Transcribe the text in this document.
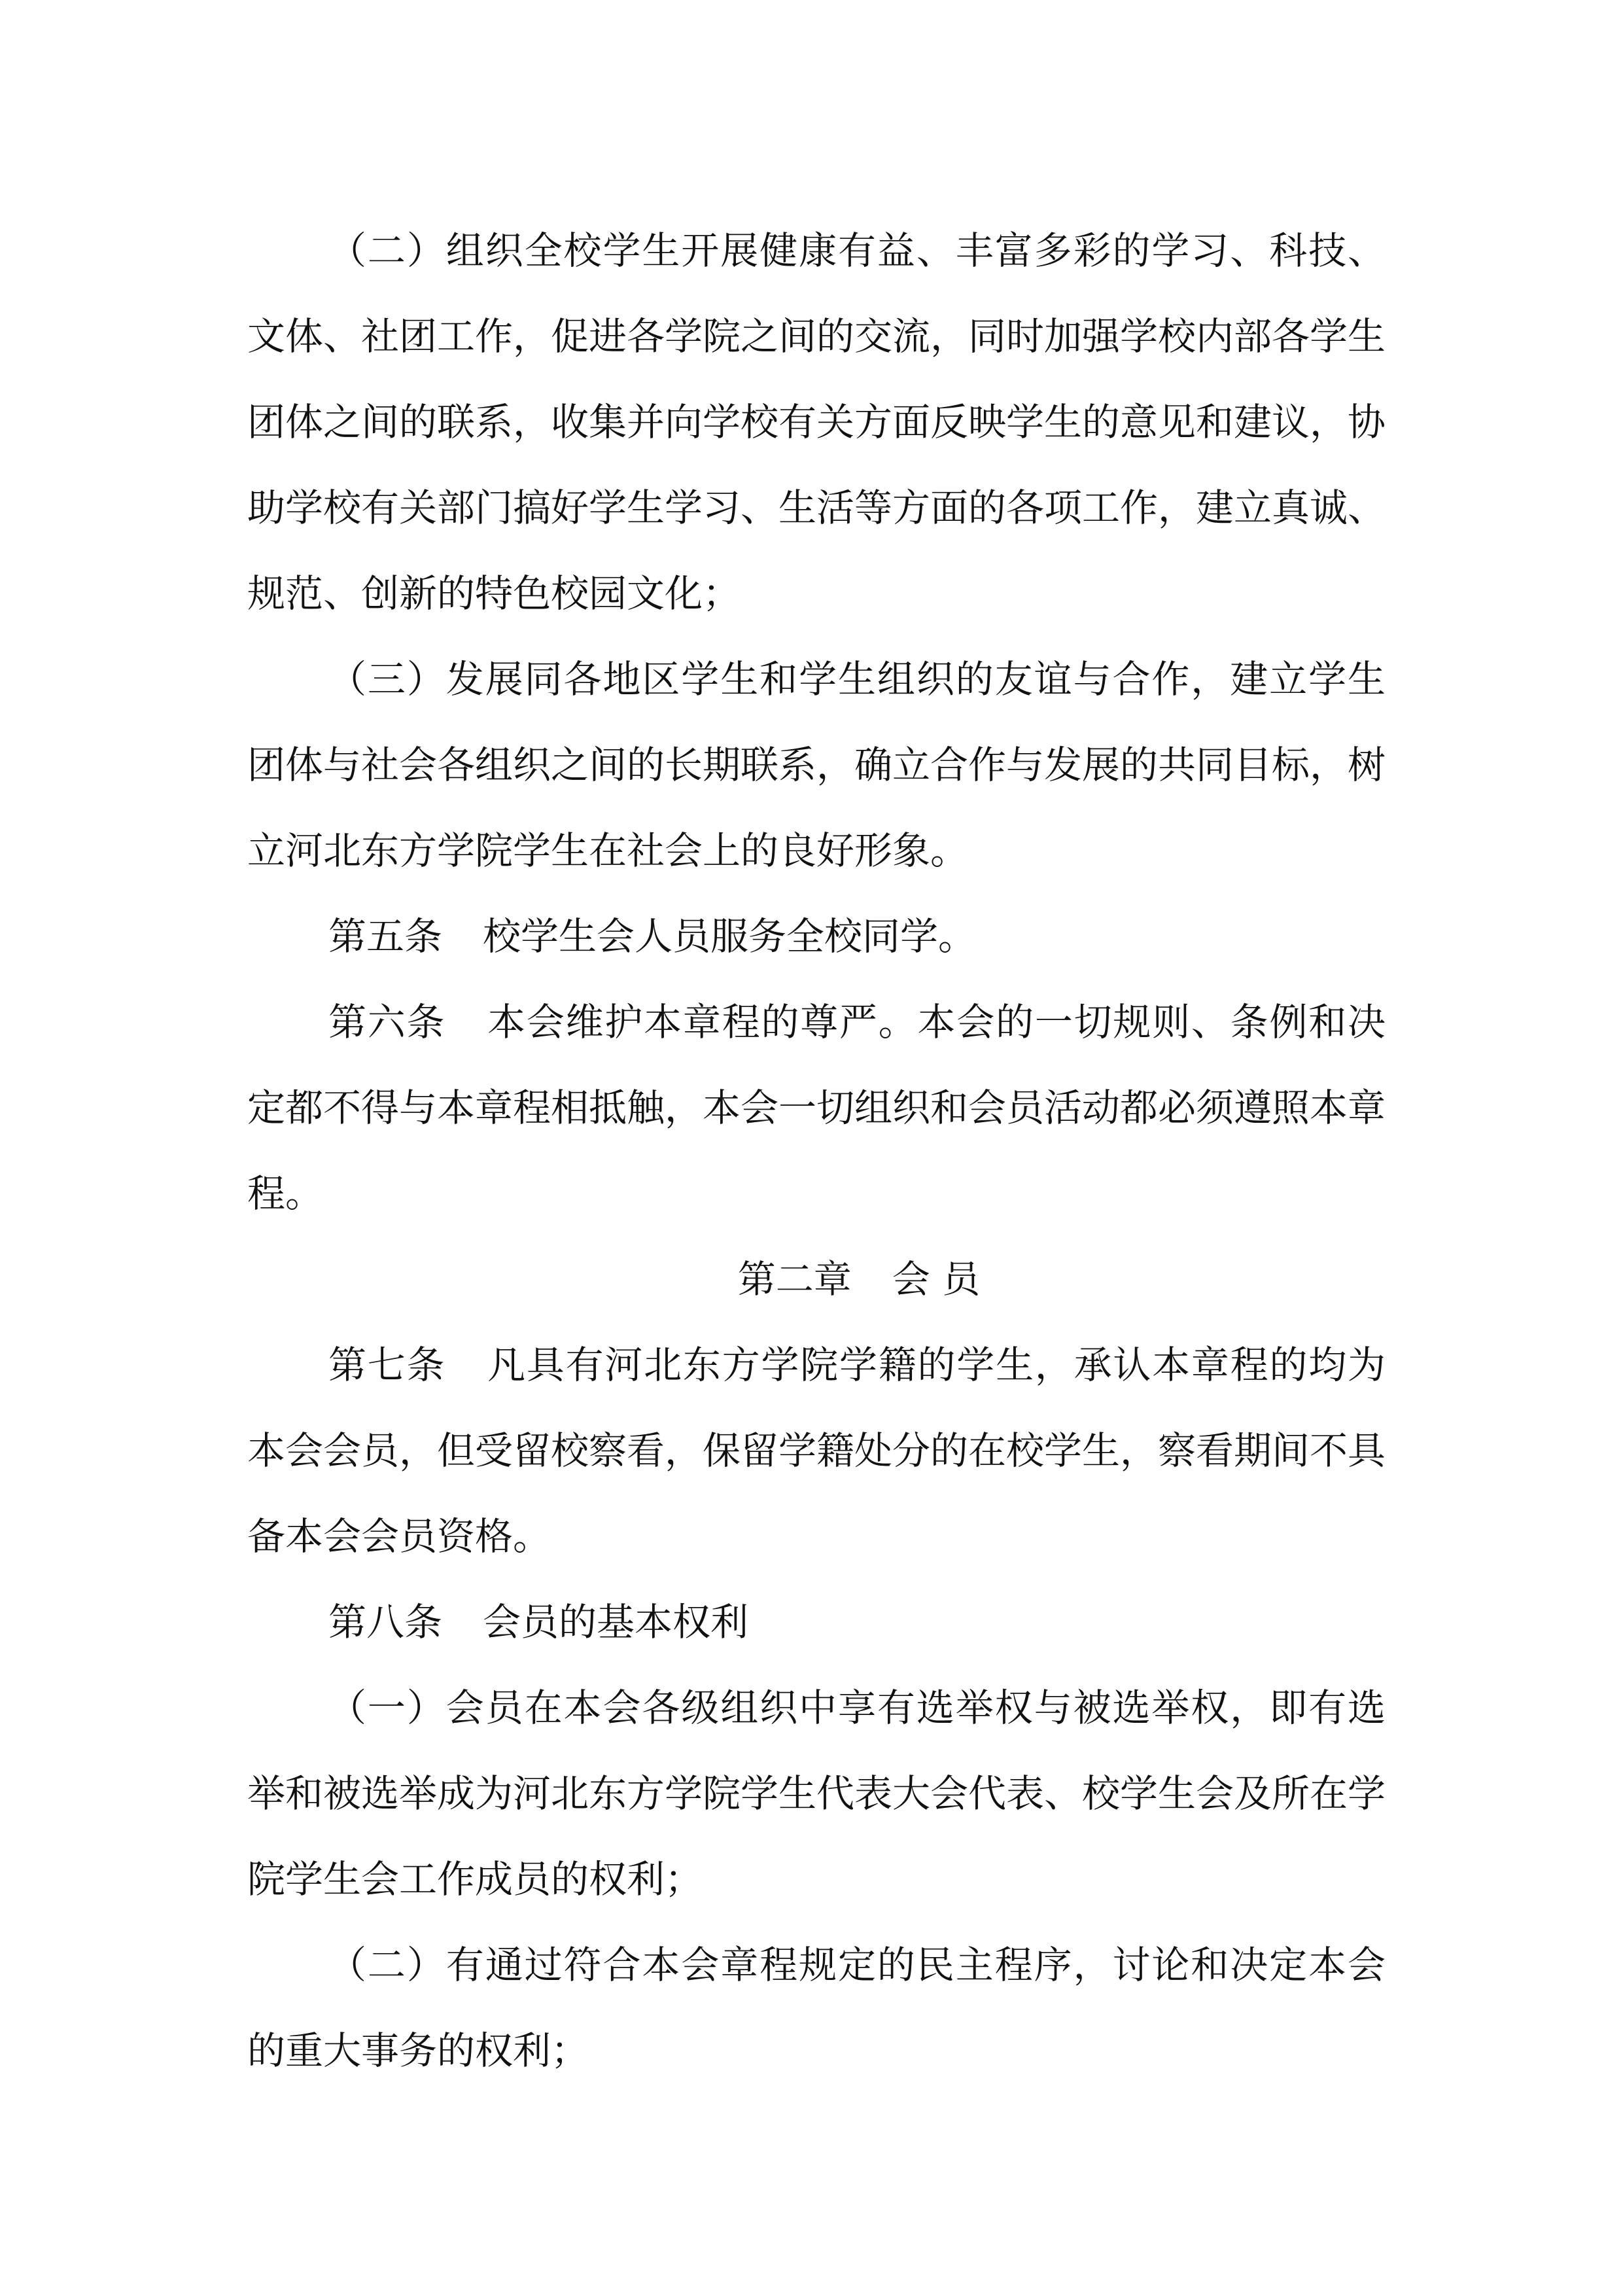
（二）组织全校学生开展健康有益、丰富多彩的学习、科技、文体、社团工作，促进各学院之间的交流，同时加强学校内部各学生团体之间的联系，收集并向学校有关方面反映学生的意见和建议，协助学校有关部门搞好学生学习、生活等方面的各项工作，建立真诚、规范、创新的特色校园文化；

（三）发展同各地区学生和学生组织的友谊与合作，建立学生团体与社会各组织之间的长期联系，确立合作与发展的共同目标，树立河北东方学院学生在社会上的良好形象。

第五条 校学生会人员服务全校同学。

第六条 本会维护本章程的尊严。本会的一切规则、条例和决定都不得与本章程相抵触，本会一切组织和会员活动都必须遵照本章程。

第二章 会 员

第七条 凡具有河北东方学院学籍的学生，承认本章程的均为本会会员，但受留校察看，保留学籍处分的在校学生，察看期间不具备本会会员资格。

第八条 会员的基本权利

（一）会员在本会各级组织中享有选举权与被选举权，即有选举和被选举成为河北东方学院学生代表大会代表、校学生会及所在学院学生会工作成员的权利；

（二）有通过符合本会章程规定的民主程序，讨论和决定本会的重大事务的权利；
